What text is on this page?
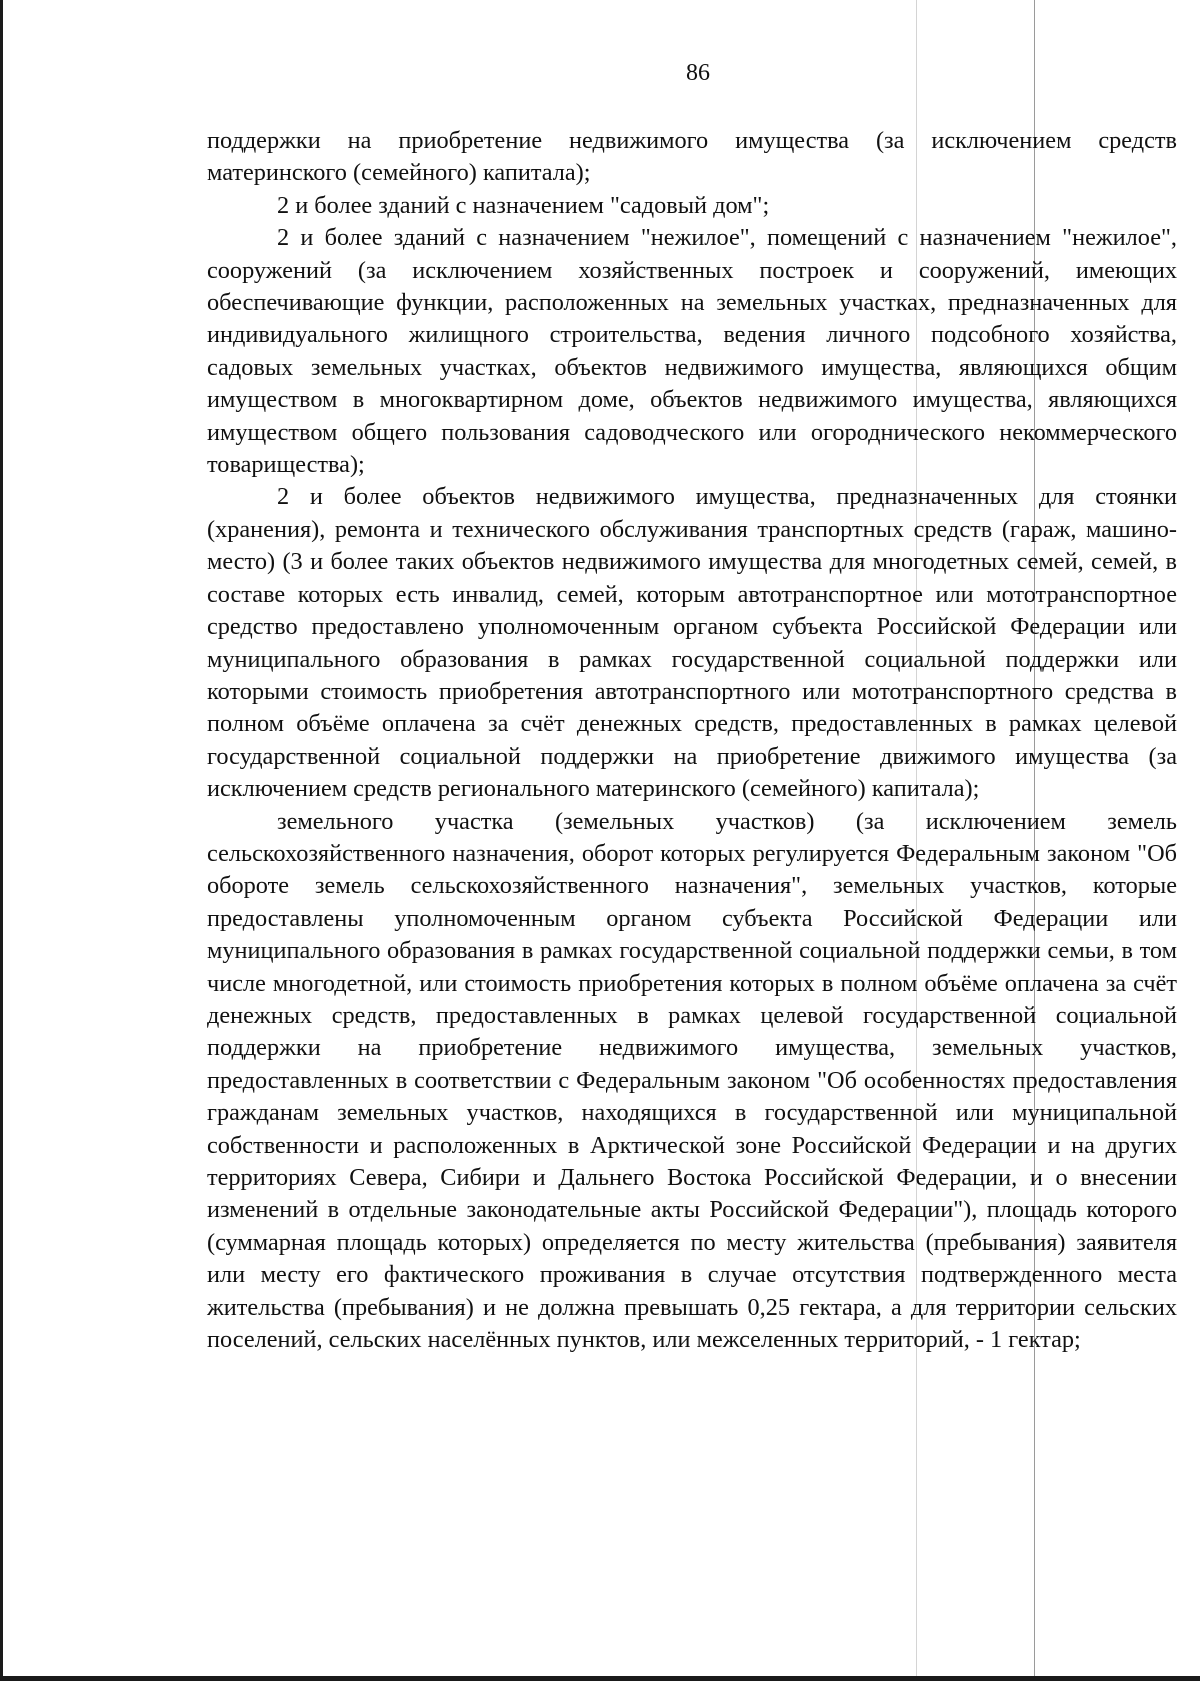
86

поддержки на приобретение недвижимого имущества (за исключением средств материнского (семейного) капитала);

2 и более зданий с назначением "садовый дом";

2 и более зданий с назначением "нежилое", помещений с назначением "нежилое", сооружений (за исключением хозяйственных построек и сооружений, имеющих обеспечивающие функции, расположенных на земельных участках, предназначенных для индивидуального жилищного строительства, ведения личного подсобного хозяйства, садовых земельных участках, объектов недвижимого имущества, являющихся общим имуществом в многоквартирном доме, объектов недвижимого имущества, являющихся имуществом общего пользования садоводческого или огороднического некоммерческого товарищества);

2 и более объектов недвижимого имущества, предназначенных для стоянки (хранения), ремонта и технического обслуживания транспортных средств (гараж, машино-место) (3 и более таких объектов недвижимого имущества для многодетных семей, семей, в составе которых есть инвалид, семей, которым автотранспортное или мототранспортное средство предоставлено уполномоченным органом субъекта Российской Федерации или муниципального образования в рамках государственной социальной поддержки или которыми стоимость приобретения автотранспортного или мототранспортного средства в полном объёме оплачена за счёт денежных средств, предоставленных в рамках целевой государственной социальной поддержки на приобретение движимого имущества (за исключением средств регионального материнского (семейного) капитала);

земельного участка (земельных участков) (за исключением земель сельскохозяйственного назначения, оборот которых регулируется Федеральным законом "Об обороте земель сельскохозяйственного назначения", земельных участков, которые предоставлены уполномоченным органом субъекта Российской Федерации или муниципального образования в рамках государственной социальной поддержки семьи, в том числе многодетной, или стоимость приобретения которых в полном объёме оплачена за счёт денежных средств, предоставленных в рамках целевой государственной социальной поддержки на приобретение недвижимого имущества, земельных участков, предоставленных в соответствии с Федеральным законом "Об особенностях предоставления гражданам земельных участков, находящихся в государственной или муниципальной собственности и расположенных в Арктической зоне Российской Федерации и на других территориях Севера, Сибири и Дальнего Востока Российской Федерации, и о внесении изменений в отдельные законодательные акты Российской Федерации"), площадь которого (суммарная площадь которых) определяется по месту жительства (пребывания) заявителя или месту его фактического проживания в случае отсутствия подтвержденного места жительства (пребывания) и не должна превышать 0,25 гектара, а для территории сельских поселений, сельских населённых пунктов, или межселенных территорий, - 1 гектар;
